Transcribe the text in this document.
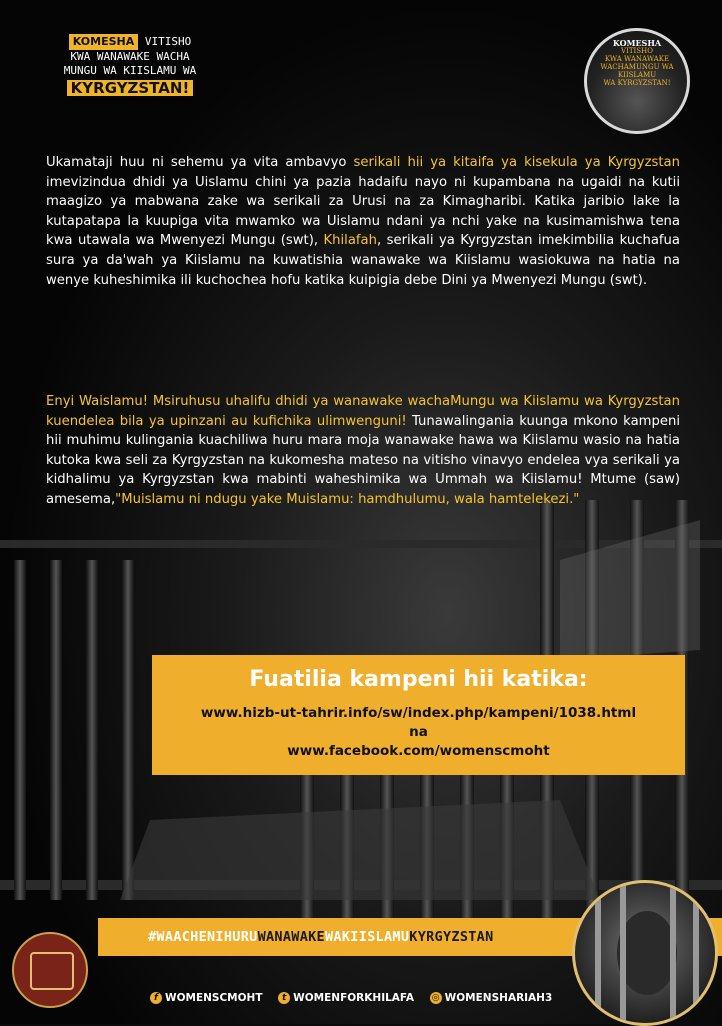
KOMESHA VITISHO
KWA WANAWAKE WACHA
MUNGU WA KIISLAMU WA
KYRGYZSTAN!
KOMESHA
VITISHO
KWA WANAWAKE
WACHAMUNGU WA KIISLAMU
WA KYRGYZSTAN!
Ukamataji huu ni sehemu ya vita ambavyo serikali hii ya kitaifa ya kisekula ya Kyrgyzstan imevizindua dhidi ya Uislamu chini ya pazia hadaifu nayo ni kupambana na ugaidi na kutii maagizo ya mabwana zake wa serikali za Urusi na za Kimagharibi. Katika jaribio lake la kutapatapa la kuupiga vita mwamko wa Uislamu ndani ya nchi yake na kusimamishwa tena kwa utawala wa Mwenyezi Mungu (swt), Khilafah, serikali ya Kyrgyzstan imekimbilia kuchafua sura ya da'wah ya Kiislamu na kuwatishia wanawake wa Kiislamu wasiokuwa na hatia na wenye kuheshimika ili kuchochea hofu katika kuipigia debe Dini ya Mwenyezi Mungu (swt).
Enyi Waislamu! Msiruhusu uhalifu dhidi ya wanawake wachaMungu wa Kiislamu wa Kyrgyzstan kuendelea bila ya upinzani au kufichika ulimwenguni! Tunawalingania kuunga mkono kampeni hii muhimu kulingania kuachiliwa huru mara moja wanawake hawa wa Kiislamu wasio na hatia kutoka kwa seli za Kyrgyzstan na kukomesha mateso na vitisho vinavyo endelea vya serikali ya kidhalimu ya Kyrgyzstan kwa mabinti waheshimika wa Ummah wa Kiislamu! Mtume (saw) amesema,"Muislamu ni ndugu yake Muislamu: hamdhulumu, wala hamtelekezi."
Fuatilia kampeni hii katika:
www.hizb-ut-tahrir.info/sw/index.php/kampeni/1038.html
na
www.facebook.com/womenscmoht
#WAACHENIHURUWANAWAKEWAKIISLAMUKYRGYZSTAN
f WOMENSCMOHT t WOMENFORKHILAFA ◎ WOMENSHARIAH3
